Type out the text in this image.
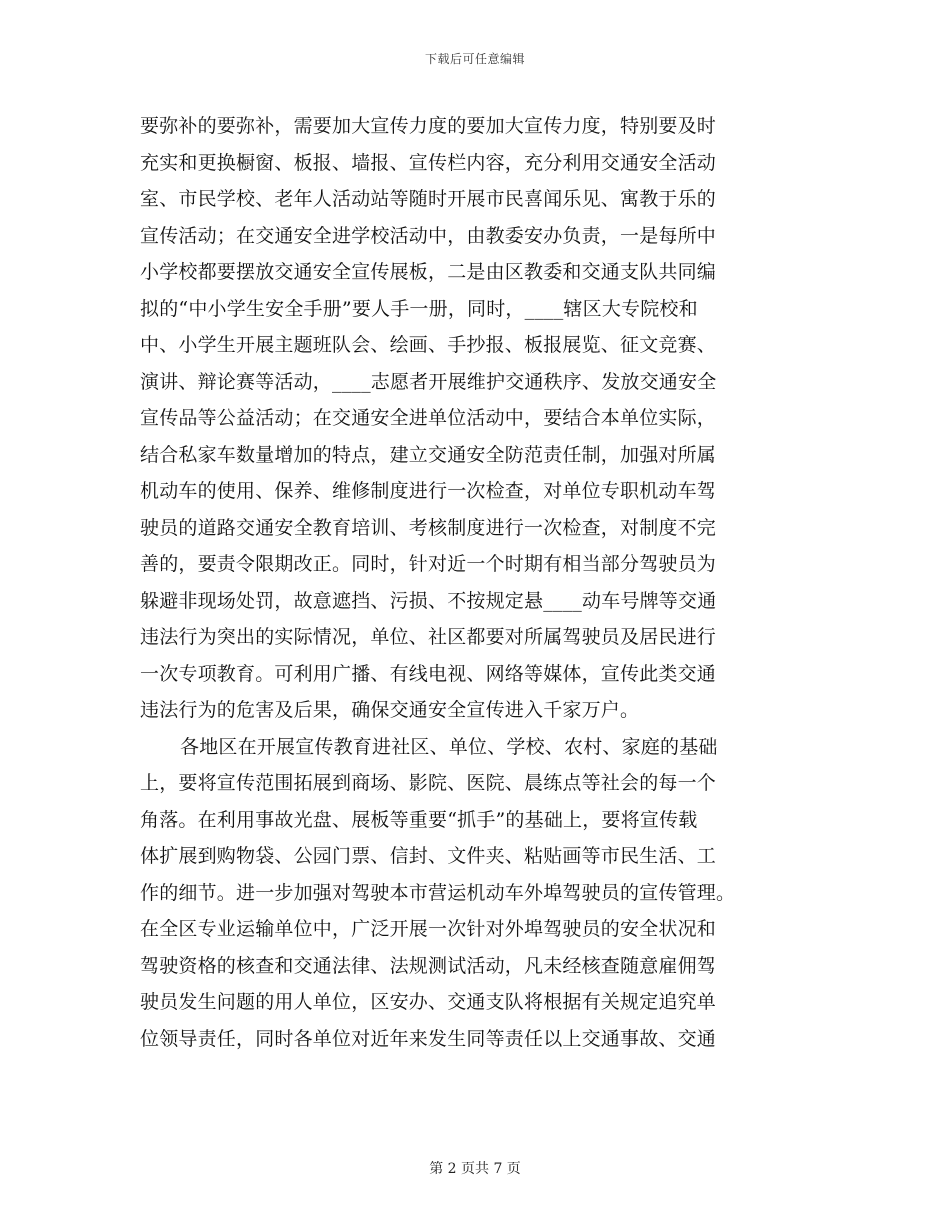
下载后可任意编辑
要弥补的要弥补，需要加大宣传力度的要加大宣传力度，特别要及时
充实和更换橱窗、板报、墙报、宣传栏内容，充分利用交通安全活动
室、市民学校、老年人活动站等随时开展市民喜闻乐见、寓教于乐的
宣传活动；在交通安全进学校活动中，由教委安办负责，一是每所中
小学校都要摆放交通安全宣传展板，二是由区教委和交通支队共同编
拟的“中小学生安全手册”要人手一册，同时，____辖区大专院校和
中、小学生开展主题班队会、绘画、手抄报、板报展览、征文竞赛、
演讲、辩论赛等活动，____志愿者开展维护交通秩序、发放交通安全
宣传品等公益活动；在交通安全进单位活动中，要结合本单位实际，
结合私家车数量增加的特点，建立交通安全防范责任制，加强对所属
机动车的使用、保养、维修制度进行一次检查，对单位专职机动车驾
驶员的道路交通安全教育培训、考核制度进行一次检查，对制度不完
善的，要责令限期改正。同时，针对近一个时期有相当部分驾驶员为
躲避非现场处罚，故意遮挡、污损、不按规定悬____动车号牌等交通
违法行为突出的实际情况，单位、社区都要对所属驾驶员及居民进行
一次专项教育。可利用广播、有线电视、网络等媒体，宣传此类交通
违法行为的危害及后果，确保交通安全宣传进入千家万户。
各地区在开展宣传教育进社区、单位、学校、农村、家庭的基础
上，要将宣传范围拓展到商场、影院、医院、晨练点等社会的每一个
角落。在利用事故光盘、展板等重要“抓手”的基础上，要将宣传载
体扩展到购物袋、公园门票、信封、文件夹、粘贴画等市民生活、工
作的细节。进一步加强对驾驶本市营运机动车外埠驾驶员的宣传管理。
在全区专业运输单位中，广泛开展一次针对外埠驾驶员的安全状况和
驾驶资格的核查和交通法律、法规测试活动，凡未经核查随意雇佣驾
驶员发生问题的用人单位，区安办、交通支队将根据有关规定追究单
位领导责任，同时各单位对近年来发生同等责任以上交通事故、交通
第 2 页共 7 页
